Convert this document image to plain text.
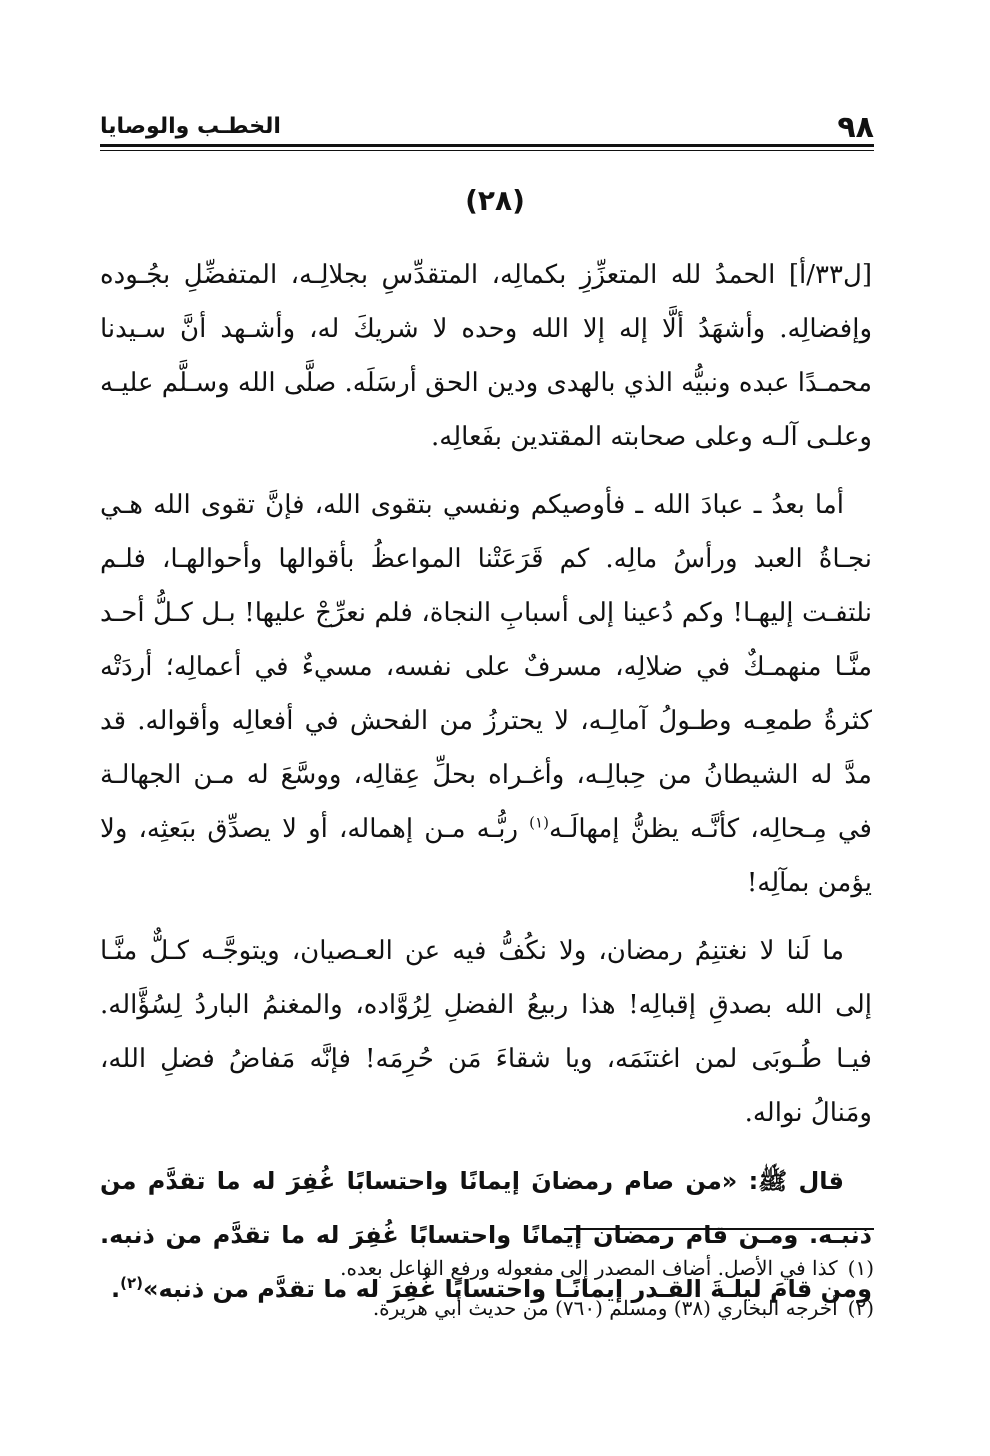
٩٨
الخطـب والوصايا
(٢٨)

[ل٣٣/أ] الحمدُ لله المتعزِّزِ بكمالِه، المتقدِّسِ بجلالِـه، المتفضِّلِ بجُـوده وإفضالِه. وأشهَدُ ألَّا إله إلا الله وحده لا شريكَ له، وأشـهد أنَّ سـيدنا محمـدًا عبده ونبيُّه الذي بالهدى ودين الحق أرسَلَه. صلَّى الله وسـلَّم عليـه وعلـى آلـه وعلى صحابته المقتدين بفَعالِه.

أما بعدُ ـ عبادَ الله ـ فأوصيكم ونفسي بتقوى الله، فإنَّ تقوى الله هـي نجـاةُ العبد ورأسُ مالِه. كم قَرَعَتْنا المواعظُ بأقوالها وأحوالهـا، فلـم نلتفـت إليهـا! وكم دُعينا إلى أسبابِ النجاة، فلم نعرِّجْ عليها! بـل كـلُّ أحـد منَّـا منهمـكٌ في ضلالِه، مسرفٌ على نفسه، مسيءٌ في أعمالِه؛ أردَتْه كثرةُ طمعِـه وطـولُ آمالِـه، لا يحترزُ من الفحش في أفعالِه وأقواله. قد مدَّ له الشيطانُ من حِبالِـه، وأغـراه بحلِّ عِقالِه، ووسَّعَ له مـن الجهالـة في مِـحالِه، كأنَّـه يظنُّ إمهالَـه$^{(١)}$ ربُّـه مـن إهماله، أو لا يصدِّق ببَعثِه، ولا يؤمن بمآلِه!

ما لَنا لا نغتنِمُ رمضان، ولا نكُفُّ فيه عن العـصيان، ويتوجَّـه كـلٌّ منَّـا إلى الله بصدقِ إقبالِه! هذا ربيعُ الفضلِ لِرُوَّاده، والمغنمُ الباردُ لِسُؤَّاله. فيـا طُـوبَى لمن اغتنَمَه، ويا شقاءَ مَن حُرِمَه! فإنَّه مَفاضُ فضلِ الله، ومَنالُ نواله.

قال ﷺ: «من صام رمضانَ إيمانًا واحتسابًا غُفِرَ له ما تقدَّم من ذنبـه. ومـن قام رمضان إيمانًا واحتسابًا غُفِرَ له ما تقدَّم من ذنبه. ومن قامَ ليلـةَ القـدر إيمانًـا واحتسابًا غُفِرَ له ما تقدَّم من ذنبه»$^{(٢)}$.

(١)كذا في الأصل. أضاف المصدر إلى مفعوله ورفع الفاعل بعده.

(٢)أخرجه البخاري (٣٨) ومسلم (٧٦٠) من حديث أبي هريرة.
